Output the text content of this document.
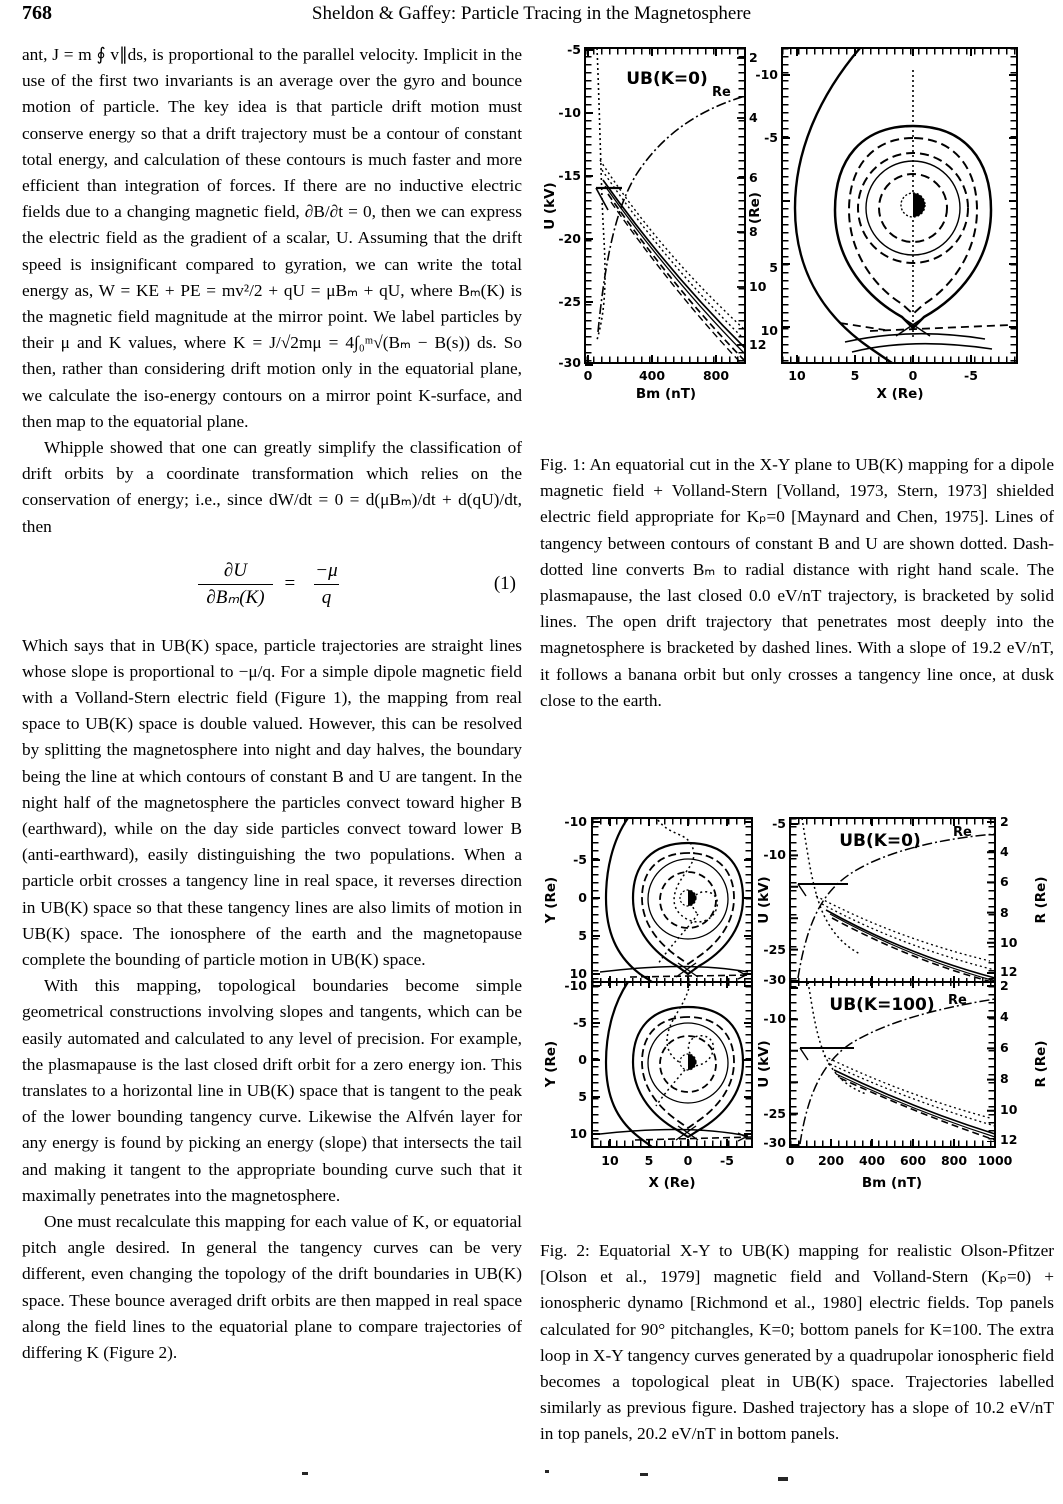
768	Sheldon & Gaffey: Particle Tracing in the Magnetosphere

ant, J = m ∮ v∥ds, is proportional to the parallel velocity. Implicit in the use of the first two invariants is an average over the gyro and bounce motion of particle. The key idea is that particle drift motion must conserve energy so that a drift trajectory must be a contour of constant total energy, and calculation of these contours is much faster and more efficient than integration of forces. If there are no inductive electric fields due to a changing magnetic field, ∂B/∂t = 0, then we can express the electric field as the gradient of a scalar, U. Assuming that the drift speed is insignificant compared to gyration, we can write the total energy as, W = KE + PE = mv²/2 + qU = μBₘ + qU, where Bₘ(K) is the magnetic field magnitude at the mirror point. We label particles by their μ and K values, where K = J/√2mμ = 4∫₀ᵐ√(Bₘ − B(s)) ds. So then, rather than considering drift motion only in the equatorial plane, we calculate the iso-energy contours on a mirror point K-surface, and then map to the equatorial plane.

Whipple showed that one can greatly simplify the classification of drift orbits by a coordinate transformation which relies on the conservation of energy; i.e., since dW/dt = 0 = d(μBₘ)/dt + d(qU)/dt, then

$\frac{\partial U}{\text{∂Bₘ(K)}} = \frac{-\mu}{q}$	(1)

Which says that in UB(K) space, particle trajectories are straight lines whose slope is proportional to −μ/q. For a simple dipole magnetic field with a Volland-Stern electric field (Figure 1), the mapping from real space to UB(K) space is double valued. However, this can be resolved by splitting the magnetosphere into night and day halves, the boundary being the line at which contours of constant B and U are tangent. In the night half of the magnetosphere the particles convect toward higher B (earthward), while on the day side particles convect toward lower B (anti-earthward), easily distinguishing the two populations. When a particle orbit crosses a tangency line in real space, it reverses direction in UB(K) space so that these tangency lines are also limits of motion in UB(K) space. The ionosphere of the earth and the magnetopause complete the bounding of particle motion in UB(K) space.

With this mapping, topological boundaries become simple geometrical constructions involving slopes and tangents, which can be easily automated and calculated to any level of precision. For example, the plasmapause is the last closed drift orbit for a zero energy ion. This translates to a horizontal line in UB(K) space that is tangent to the peak of the lower bounding tangency curve. Likewise the Alfvén layer for any energy is found by picking an energy (slope) that intersects the tail and making it tangent to the appropriate bounding curve such that it maximally penetrates into the magnetosphere.

One must recalculate this mapping for each value of K, or equatorial pitch angle desired. In general the tangency curves can be very different, even changing the topology of the drift boundaries in UB(K) space. These bounce averaged drift orbits are then mapped in real space along the field lines to the equatorial plane to compare trajectories of differing K (Figure 2).

-5
-10
-15
-20
-25
-30
U (kV)
0	400	800
Bm (nT)
2
4
6
8
10
12
UB(K=0)
Re
-10
-5
5
10
(Re)
10	5	0	-5
X (Re)
Fig. 1: An equatorial cut in the X-Y plane to UB(K) mapping for a dipole magnetic field + Volland-Stern [Volland, 1973, Stern, 1973] shielded electric field appropriate for Kₚ=0 [Maynard and Chen, 1975]. Lines of tangency between contours of constant B and U are shown dotted. Dash-dotted line converts Bₘ to radial distance with right hand scale. The plasmapause, the last closed 0.0 eV/nT trajectory, is bracketed by solid lines. The open drift trajectory that penetrates most deeply into the magnetosphere is bracketed by dashed lines. With a slope of 19.2 eV/nT, it follows a banana orbit but only crosses a tangency line once, at dusk close to the earth.
-10
-5
0
5
10
Y (Re)
-10
-5
0
5
10
Y (Re)
10 5 0 -5
X (Re)
UB(K=0) Re
-5
-10
-25
-30
U (kV)
2
4
6
8
10
12
R (Re)
UB(K=100) Re
-10
-25
-30
U (kV)
2
4
6
8
10
12
R (Re)
0 200 400 600 800 1000
Bm (nT)
Fig. 2: Equatorial X-Y to UB(K) mapping for realistic Olson-Pfitzer [Olson et al., 1979] magnetic field and Volland-Stern (Kₚ=0) + ionospheric dynamo [Richmond et al., 1980] electric fields. Top panels calculated for 90° pitchangles, K=0; bottom panels for K=100. The extra loop in X-Y tangency curves generated by a quadrupolar ionospheric field becomes a topological pleat in UB(K) space. Trajectories labelled similarly as previous figure. Dashed trajectory has a slope of 10.2 eV/nT in top panels, 20.2 eV/nT in bottom panels.
